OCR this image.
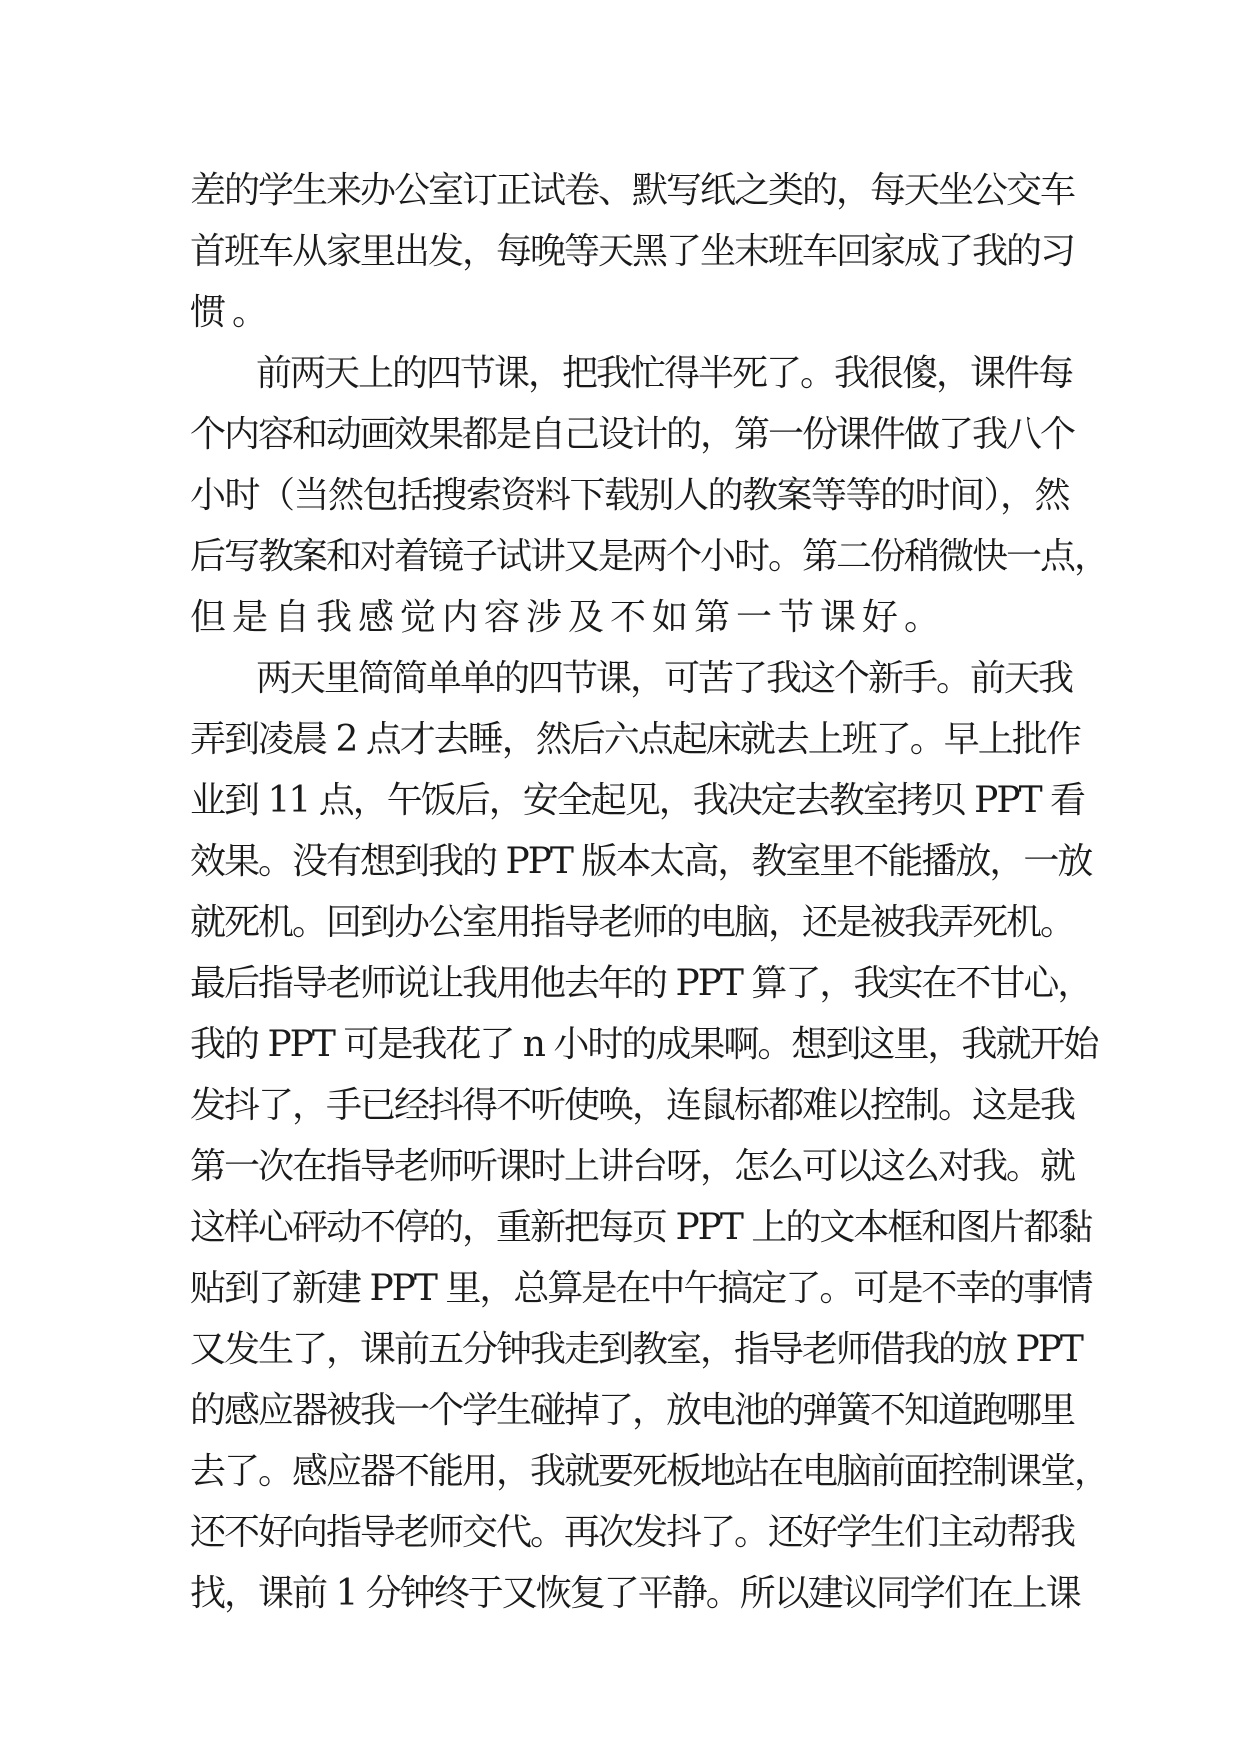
差的学生来办公室订正试卷、默写纸之类的，每天坐公交车
首班车从家里出发，每晚等天黑了坐末班车回家成了我的习
惯。
前两天上的四节课，把我忙得半死了。我很傻，课件每
个内容和动画效果都是自己设计的，第一份课件做了我八个
小时（当然包括搜索资料下载别人的教案等等的时间），然
后写教案和对着镜子试讲又是两个小时。第二份稍微快一点，
但是自我感觉内容涉及不如第一节课好。
两天里简简单单的四节课，可苦了我这个新手。前天我
弄到凌晨 2 点才去睡，然后六点起床就去上班了。早上批作
业到 11 点，午饭后，安全起见，我决定去教室拷贝 PPT 看
效果。没有想到我的 PPT 版本太高，教室里不能播放，一放
就死机。回到办公室用指导老师的电脑，还是被我弄死机。
最后指导老师说让我用他去年的 PPT 算了，我实在不甘心，
我的 PPT 可是我花了 n 小时的成果啊。想到这里，我就开始
发抖了，手已经抖得不听使唤，连鼠标都难以控制。这是我
第一次在指导老师听课时上讲台呀，怎么可以这么对我。就
这样心砰动不停的，重新把每页 PPT 上的文本框和图片都黏
贴到了新建 PPT 里，总算是在中午搞定了。可是不幸的事情
又发生了，课前五分钟我走到教室，指导老师借我的放 PPT
的感应器被我一个学生碰掉了，放电池的弹簧不知道跑哪里
去了。感应器不能用，我就要死板地站在电脑前面控制课堂，
还不好向指导老师交代。再次发抖了。还好学生们主动帮我
找，课前 1 分钟终于又恢复了平静。所以建议同学们在上课
